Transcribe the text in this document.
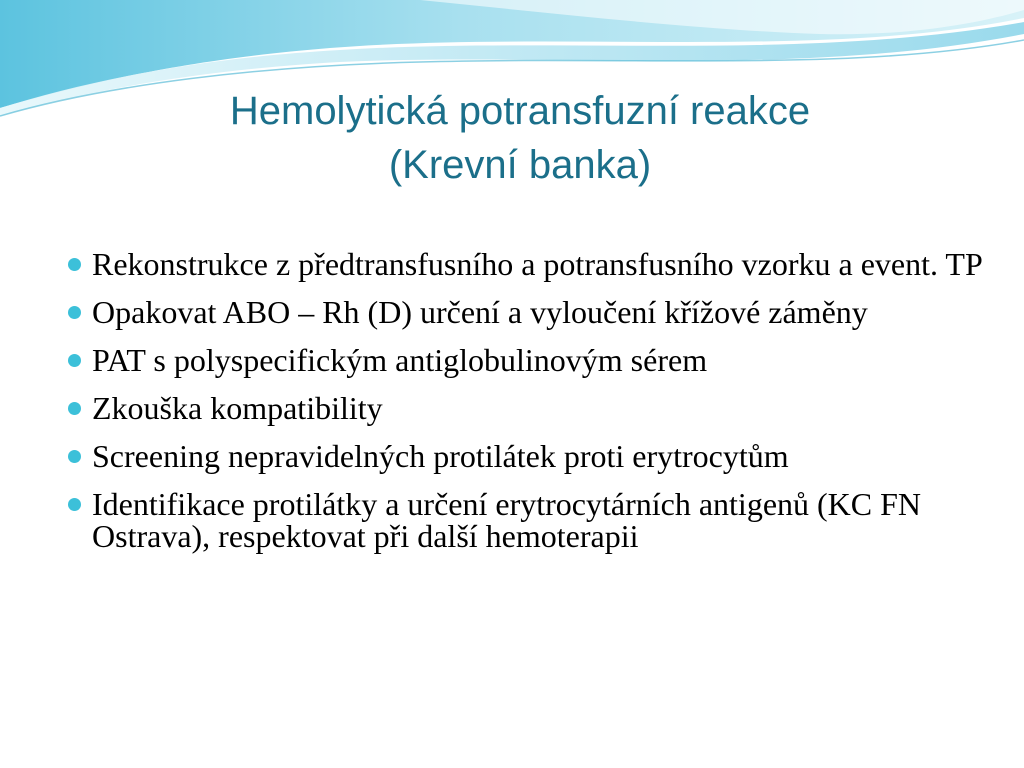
Hemolytická potransfuzní reakce
(Krevní banka)
Rekonstrukce z předtransfusního a potransfusního vzorku a event. TP
Opakovat ABO – Rh (D) určení a vyloučení křížové záměny
PAT s polyspecifickým antiglobulinovým sérem
Zkouška kompatibility
Screening nepravidelných protilátek proti erytrocytům
Identifikace protilátky a určení erytrocytárních antigenů (KC FN Ostrava), respektovat při další hemoterapii
